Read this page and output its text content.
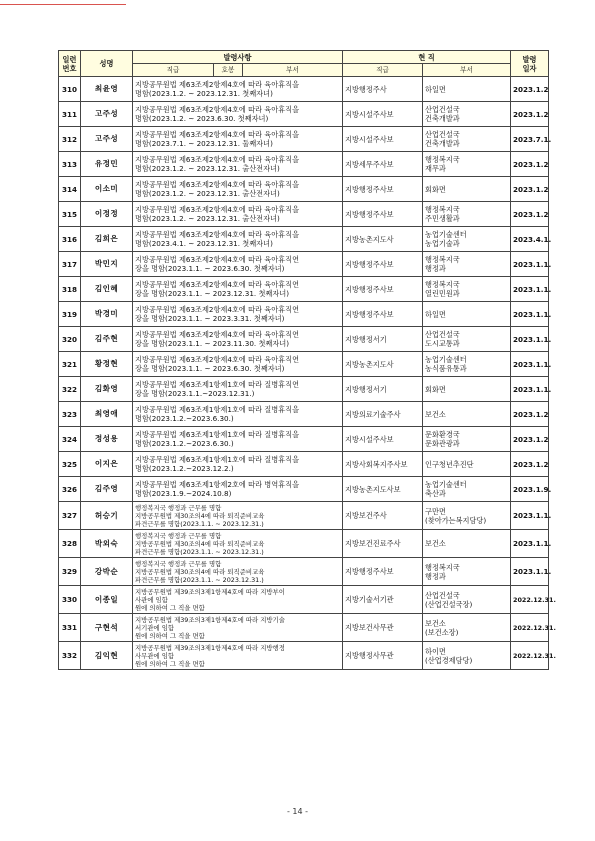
일련
번호	성명	발령사항	현 직		발령
일자

		직급 호봉 부서	직급	부서	
310	최윤영	지방공무원법 제63조제2항제4호에 따라 육아휴직을
명함(2023.1.2. ~ 2023.12.31. 첫째자녀)	지방행정주사	하일면	2023.1.2
311	고주성	지방공무원법 제63조제2항제4호에 따라 육아휴직을
명함(2023.1.2. ~ 2023.6.30. 첫째자녀)	지방시설주사보	산업건설국
건축개발과	2023.1.2
312	고주성	지방공무원법 제63조제2항제4호에 따라 육아휴직을
명함(2023.7.1. ~ 2023.12.31. 둘째자녀)	지방시설주사보	산업건설국
건축개발과	2023.7.1.
313	유정민	지방공무원법 제63조제2항제4호에 따라 육아휴직을
명함(2023.1.2. ~ 2023.12.31. 출산전자녀)	지방세무주사보	행정복지국
재무과	2023.1.2
314	이소미	지방공무원법 제63조제2항제4호에 따라 육아휴직을
명함(2023.1.2. ~ 2023.12.31. 출산전자녀)	지방행정주사보	회화면	2023.1.2
315	이정정	지방공무원법 제63조제2항제4호에 따라 육아휴직을
명함(2023.1.2. ~ 2023.12.31. 출산전자녀)	지방행정주사보	행정복지국
주민생활과	2023.1.2
316	김희은	지방공무원법 제63조제2항제4호에 따라 육아휴직을
명함(2023.4.1. ~ 2023.12.31. 첫째자녀)	지방농촌지도사	농업기술센터
농업기술과	2023.4.1.
317	박민지	지방공무원법 제63조제2항제4호에 따라 육아휴직연
장을 명함(2023.1.1. ~ 2023.6.30. 첫째자녀)	지방행정주사보	행정복지국
행정과	2023.1.1.
318	김인혜	지방공무원법 제63조제2항제4호에 따라 육아휴직연
장을 명함(2023.1.1. ~ 2023.12.31. 첫째자녀)	지방행정주사보	행정복지국
열린민원과	2023.1.1.
319	박경미	지방공무원법 제63조제2항제4호에 따라 육아휴직연
장을 명함(2023.1.1. ~ 2023.3.31. 첫째자녀)	지방행정주사보	하일면	2023.1.1.
320	김주현	지방공무원법 제63조제2항제4호에 따라 육아휴직연
장을 명함(2023.1.1. ~ 2023.11.30. 첫째자녀)	지방행정서기	산업건설국
도시교통과	2023.1.1.
321	황정현	지방공무원법 제63조제2항제4호에 따라 육아휴직연
장을 명함(2023.1.1. ~ 2023.6.30. 첫째자녀)	지방농촌지도사	농업기술센터
농식품유통과	2023.1.1.
322	김화영	지방공무원법 제63조제1항제1호에 따라 질병휴직연
장을 명함(2023.1.1.~2023.12.31.)	지방행정서기	회화면	2023.1.1.
323	최영애	지방공무원법 제63조제1항제1호에 따라 질병휴직을
명함(2023.1.2.~2023.6.30.)	지방의료기술주사	보건소	2023.1.2
324	정성용	지방공무원법 제63조제1항제1호에 따라 질병휴직을
명함(2023.1.2.~2023.6.30.)	지방시설주사보	문화환경국
문화관광과	2023.1.2
325	이지은	지방공무원법 제63조제1항제1호에 따라 질병휴직을
명함(2023.1.2.~2023.12.2.)	지방사회복지주사보	인구청년추진단	2023.1.2
326	김주영	지방공무원법 제63조제1항제2호에 따라 병역휴직을
명함(2023.1.9.~2024.10.8)	지방농촌지도사보	농업기술센터
축산과	2023.1.9.
327	허승기	행정복지국 행정과 근무를 명함
지방공무원법 제30조의4에 따라 퇴직준비교육
파견근무를 명함(2023.1.1. ~ 2023.12.31.)	지방보건주사	구만면
(찾아가는복지담당)	2023.1.1.
328	박외숙	행정복지국 행정과 근무를 명함
지방공무원법 제30조의4에 따라 퇴직준비교육
파견근무를 명함(2023.1.1. ~ 2023.12.31.)	지방보건진료주사	보건소	2023.1.1.
329	강박순	행정복지국 행정과 근무를 명함
지방공무원법 제30조의4에 따라 퇴직준비교육
파견근무를 명함(2023.1.1. ~ 2023.12.31.)	지방행정주사보	행정복지국
행정과	2023.1.1.
330	이종일	지방공무원법 제39조의3제1항제4호에 따라 지방부이
사관에 임함
원에 의하여 그 직을 면함	지방기술서기관	산업건설국
(산업건설국장)	2022.12.31.
331	구현석	지방공무원법 제39조의3제1항제4호에 따라 지방기술
서기관에 임함
원에 의하여 그 직을 면함	지방보건사무관	보건소
(보건소장)	2022.12.31.
332	김익현	지방공무원법 제39조의3제1항제4호에 따라 지방행정
사무관에 임함
원에 의하여 그 직을 면함	지방행정사무관	하이면
(산업경제담당)	2022.12.31.
- 14 -
